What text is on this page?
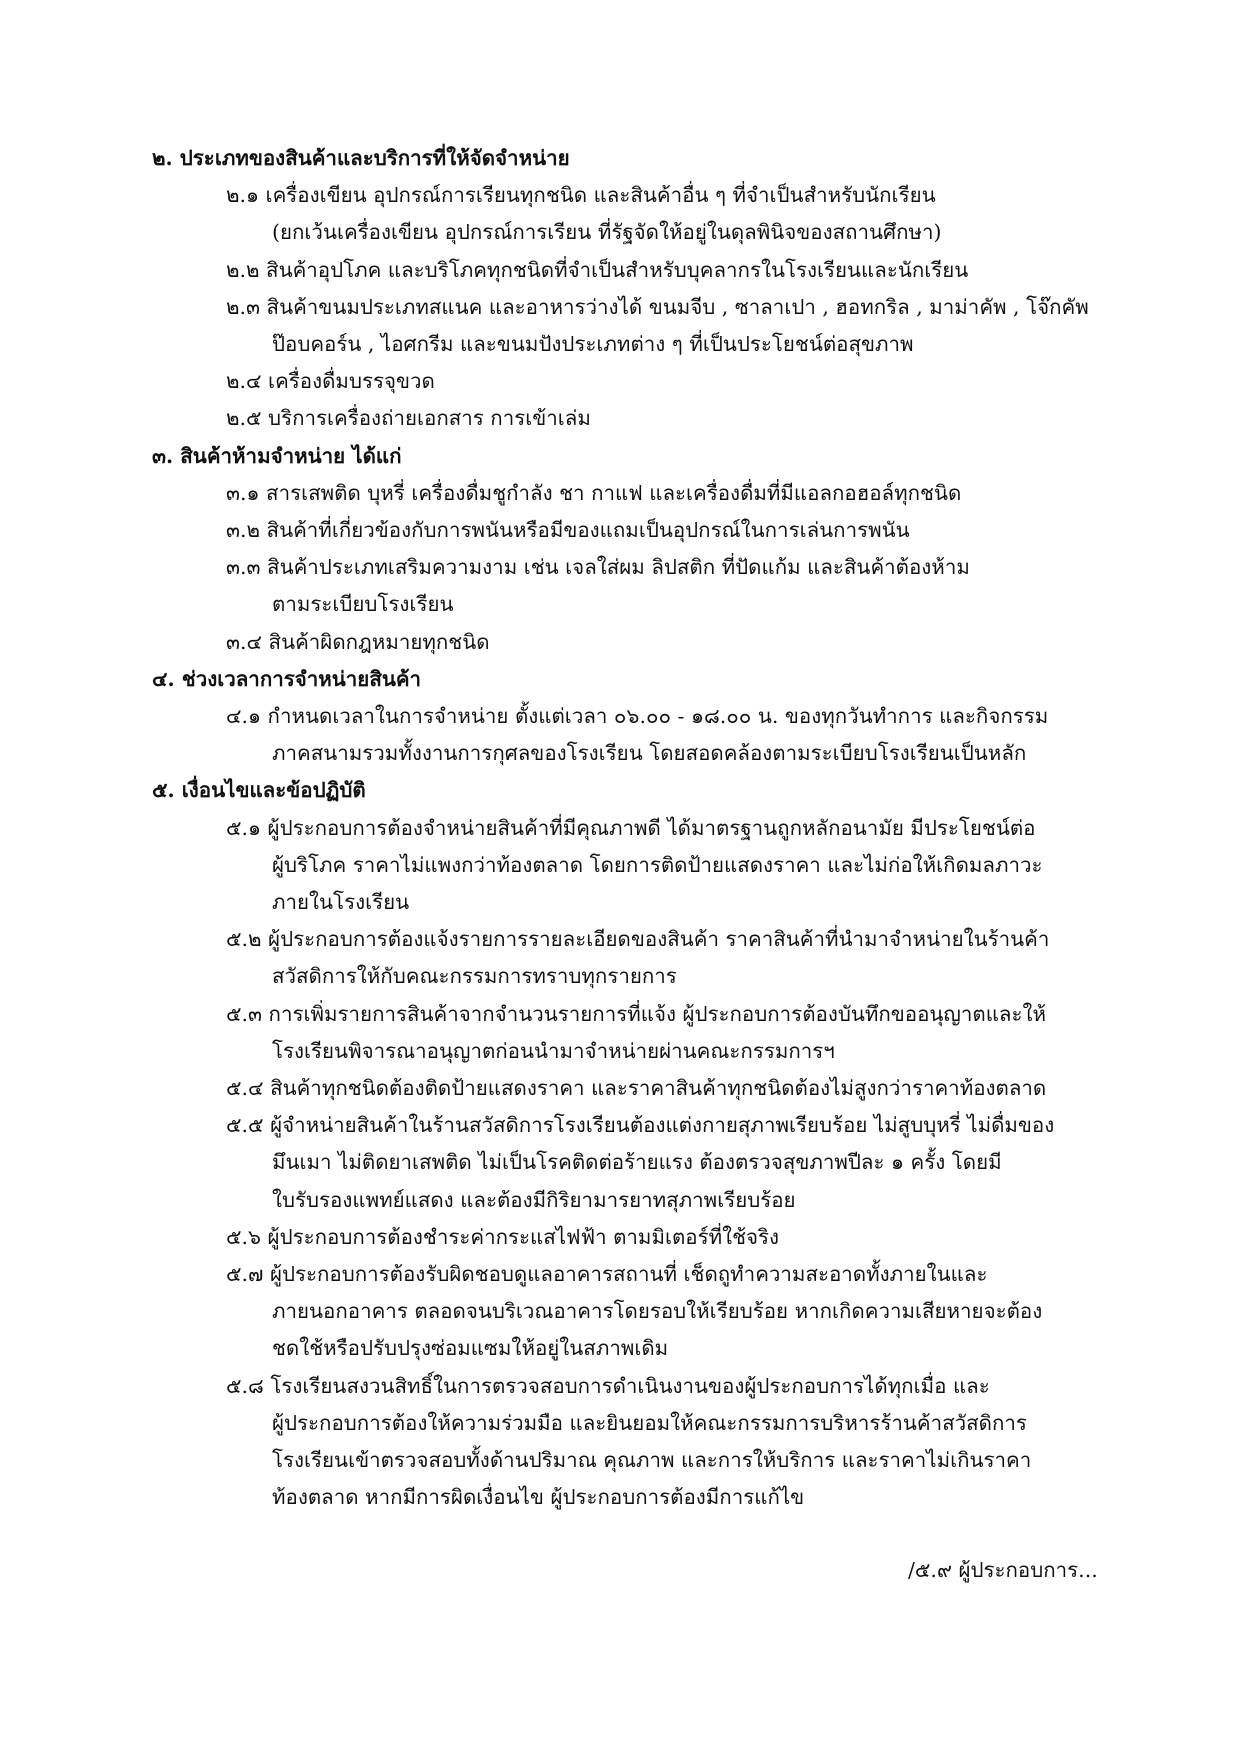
๒. ประเภทของสินค้าและบริการที่ให้จัดจำหน่าย
๒.๑ เครื่องเขียน อุปกรณ์การเรียนทุกชนิด และสินค้าอื่น ๆ ที่จำเป็นสำหรับนักเรียน
(ยกเว้นเครื่องเขียน อุปกรณ์การเรียน ที่รัฐจัดให้อยู่ในดุลพินิจของสถานศึกษา)
๒.๒ สินค้าอุปโภค และบริโภคทุกชนิดที่จำเป็นสำหรับบุคลากรในโรงเรียนและนักเรียน
๒.๓ สินค้าขนมประเภทสแนค และอาหารว่างได้ ขนมจีบ , ซาลาเปา , ฮอทกริล , มาม่าคัพ , โจ๊กคัพ
ป๊อบคอร์น , ไอศกรีม และขนมปังประเภทต่าง ๆ ที่เป็นประโยชน์ต่อสุขภาพ
๒.๔ เครื่องดื่มบรรจุขวด
๒.๕ บริการเครื่องถ่ายเอกสาร การเข้าเล่ม
๓. สินค้าห้ามจำหน่าย ได้แก่
๓.๑ สารเสพติด บุหรี่ เครื่องดื่มชูกำลัง ชา กาแฟ และเครื่องดื่มที่มีแอลกอฮอล์ทุกชนิด
๓.๒ สินค้าที่เกี่ยวข้องกับการพนันหรือมีของแถมเป็นอุปกรณ์ในการเล่นการพนัน
๓.๓ สินค้าประเภทเสริมความงาม เช่น เจลใส่ผม ลิปสติก ที่ปัดแก้ม และสินค้าต้องห้าม
ตามระเบียบโรงเรียน
๓.๔ สินค้าผิดกฎหมายทุกชนิด
๔. ช่วงเวลาการจำหน่ายสินค้า
๔.๑ กำหนดเวลาในการจำหน่าย ตั้งแต่เวลา ๐๖.๐๐ - ๑๘.๐๐ น. ของทุกวันทำการ และกิจกรรม
ภาคสนามรวมทั้งงานการกุศลของโรงเรียน โดยสอดคล้องตามระเบียบโรงเรียนเป็นหลัก
๕. เงื่อนไขและข้อปฏิบัติ
๕.๑ ผู้ประกอบการต้องจำหน่ายสินค้าที่มีคุณภาพดี ได้มาตรฐานถูกหลักอนามัย มีประโยชน์ต่อ
ผู้บริโภค ราคาไม่แพงกว่าท้องตลาด โดยการติดป้ายแสดงราคา และไม่ก่อให้เกิดมลภาวะ
ภายในโรงเรียน
๕.๒ ผู้ประกอบการต้องแจ้งรายการรายละเอียดของสินค้า ราคาสินค้าที่นำมาจำหน่ายในร้านค้า
สวัสดิการให้กับคณะกรรมการทราบทุกรายการ
๕.๓ การเพิ่มรายการสินค้าจากจำนวนรายการที่แจ้ง ผู้ประกอบการต้องบันทึกขออนุญาตและให้
โรงเรียนพิจารณาอนุญาตก่อนนำมาจำหน่ายผ่านคณะกรรมการฯ
๕.๔ สินค้าทุกชนิดต้องติดป้ายแสดงราคา และราคาสินค้าทุกชนิดต้องไม่สูงกว่าราคาท้องตลาด
๕.๕ ผู้จำหน่ายสินค้าในร้านสวัสดิการโรงเรียนต้องแต่งกายสุภาพเรียบร้อย ไม่สูบบุหรี่ ไม่ดื่มของ
มึนเมา ไม่ติดยาเสพติด ไม่เป็นโรคติดต่อร้ายแรง ต้องตรวจสุขภาพปีละ ๑ ครั้ง โดยมี
ใบรับรองแพทย์แสดง และต้องมีกิริยามารยาทสุภาพเรียบร้อย
๕.๖ ผู้ประกอบการต้องชำระค่ากระแสไฟฟ้า ตามมิเตอร์ที่ใช้จริง
๕.๗ ผู้ประกอบการต้องรับผิดชอบดูแลอาคารสถานที่ เช็ดถูทำความสะอาดทั้งภายในและ
ภายนอกอาคาร ตลอดจนบริเวณอาคารโดยรอบให้เรียบร้อย หากเกิดความเสียหายจะต้อง
ชดใช้หรือปรับปรุงซ่อมแซมให้อยู่ในสภาพเดิม
๕.๘ โรงเรียนสงวนสิทธิ์ในการตรวจสอบการดำเนินงานของผู้ประกอบการได้ทุกเมื่อ และ
ผู้ประกอบการต้องให้ความร่วมมือ และยินยอมให้คณะกรรมการบริหารร้านค้าสวัสดิการ
โรงเรียนเข้าตรวจสอบทั้งด้านปริมาณ คุณภาพ และการให้บริการ และราคาไม่เกินราคา
ท้องตลาด หากมีการผิดเงื่อนไข ผู้ประกอบการต้องมีการแก้ไข
/๕.๙ ผู้ประกอบการ...
